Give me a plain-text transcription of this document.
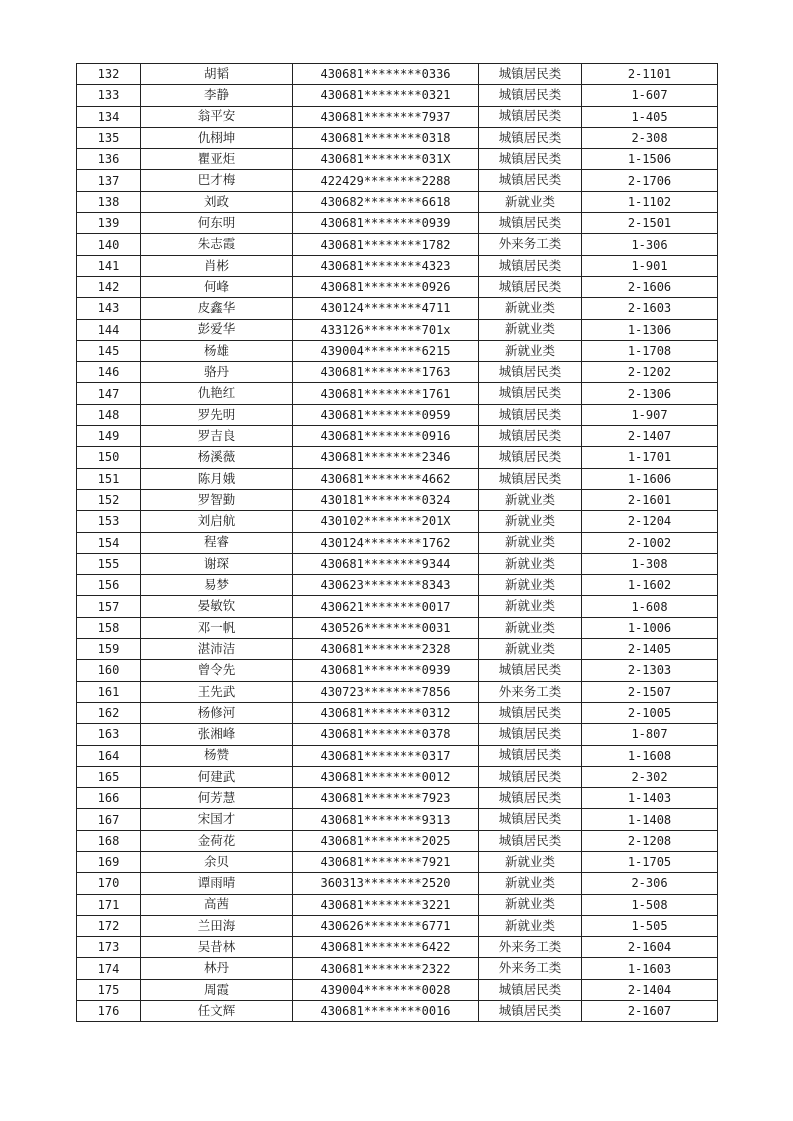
132	胡韬	430681********0336	城镇居民类	2-1101
133	李静	430681********0321	城镇居民类	1-607
134	翁平安	430681********7937	城镇居民类	1-405
135	仇栩坤	430681********0318	城镇居民类	2-308
136	瞿亚炬	430681********031X	城镇居民类	1-1506
137	巴才梅	422429********2288	城镇居民类	2-1706
138	刘政	430682********6618	新就业类	1-1102
139	何东明	430681********0939	城镇居民类	2-1501
140	朱志霞	430681********1782	外来务工类	1-306
141	肖彬	430681********4323	城镇居民类	1-901
142	何峰	430681********0926	城镇居民类	2-1606
143	皮鑫华	430124********4711	新就业类	2-1603
144	彭爱华	433126********701x	新就业类	1-1306
145	杨雄	439004********6215	新就业类	1-1708
146	骆丹	430681********1763	城镇居民类	2-1202
147	仇艳红	430681********1761	城镇居民类	2-1306
148	罗先明	430681********0959	城镇居民类	1-907
149	罗吉良	430681********0916	城镇居民类	2-1407
150	杨溪薇	430681********2346	城镇居民类	1-1701
151	陈月娥	430681********4662	城镇居民类	1-1606
152	罗智勤	430181********0324	新就业类	2-1601
153	刘启航	430102********201X	新就业类	2-1204
154	程睿	430124********1762	新就业类	2-1002
155	谢琛	430681********9344	新就业类	1-308
156	易梦	430623********8343	新就业类	1-1602
157	晏敏钦	430621********0017	新就业类	1-608
158	邓一帆	430526********0031	新就业类	1-1006
159	湛沛洁	430681********2328	新就业类	2-1405
160	曾令先	430681********0939	城镇居民类	2-1303
161	王先武	430723********7856	外来务工类	2-1507
162	杨修河	430681********0312	城镇居民类	2-1005
163	张湘峰	430681********0378	城镇居民类	1-807
164	杨赞	430681********0317	城镇居民类	1-1608
165	何建武	430681********0012	城镇居民类	2-302
166	何芳慧	430681********7923	城镇居民类	1-1403
167	宋国才	430681********9313	城镇居民类	1-1408
168	金荷花	430681********2025	城镇居民类	2-1208
169	余贝	430681********7921	新就业类	1-1705
170	谭雨晴	360313********2520	新就业类	2-306
171	高茜	430681********3221	新就业类	1-508
172	兰田海	430626********6771	新就业类	1-505
173	吴昔林	430681********6422	外来务工类	2-1604
174	林丹	430681********2322	外来务工类	1-1603
175	周霞	439004********0028	城镇居民类	2-1404
176	任文辉	430681********0016	城镇居民类	2-1607
